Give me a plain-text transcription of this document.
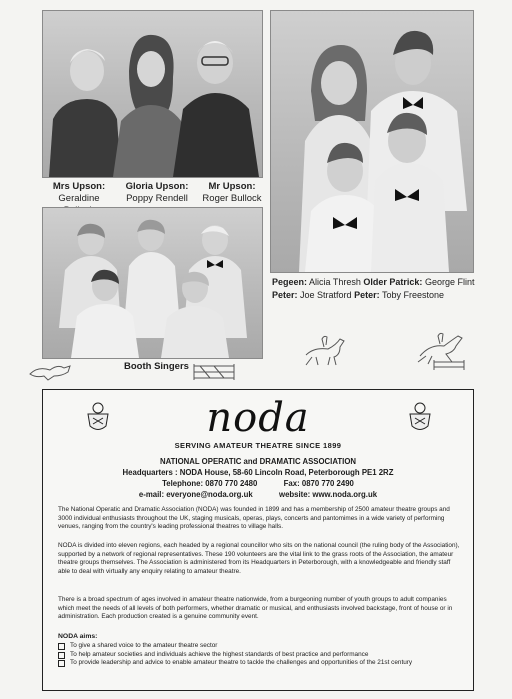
Mrs Upson:
Geraldine
Gloria Upson:
Poppy Rendell
Mr Upson:
Roger Bullock
Pegeen: Alicia Thresh Older Patrick: George Flint
Peter: Joe Stratford Peter: Toby Freestone
Booth Singers
noda
SERVING AMATEUR THEATRE SINCE 1899
NATIONAL OPERATIC and DRAMATIC ASSOCIATION
Headquarters : NODA House, 58-60 Lincoln Road, Peterborough PE1 2RZ
Telephone: 0870 770 2480	Fax: 0870 770 2490
e-mail: everyone@noda.org.uk	website: www.noda.org.uk
The National Operatic and Dramatic Association (NODA) was founded in 1899 and has a membership of 2500 amateur theatre groups and 3000 individual enthusiasts throughout the UK, staging musicals, operas, plays, concerts and pantomimes in a wide variety of performing venues, ranging from the country's leading professional theatres to village halls.
NODA is divided into eleven regions, each headed by a regional councillor who sits on the national council (the ruling body of the Association), supported by a network of regional representatives. These 190 volunteers are the vital link to the grass roots of the Association, the amateur theatre groups themselves. The Association is administered from its Headquarters in Peterborough, with a knowledgeable and friendly staff able to deal with virtually any enquiry relating to amateur theatre.
There is a broad spectrum of ages involved in amateur theatre nationwide, from a burgeoning number of youth groups to adult companies which meet the needs of all levels of both performers, whether dramatic or musical, and enthusiasts involved backstage, front of house or in administration. Each production created is a genuine community event.
NODA aims:
To give a shared voice to the amateur theatre sector
To help amateur societies and individuals achieve the highest standards of best practice and performance
To provide leadership and advice to enable amateur theatre to tackle the challenges and opportunities of the 21st century
